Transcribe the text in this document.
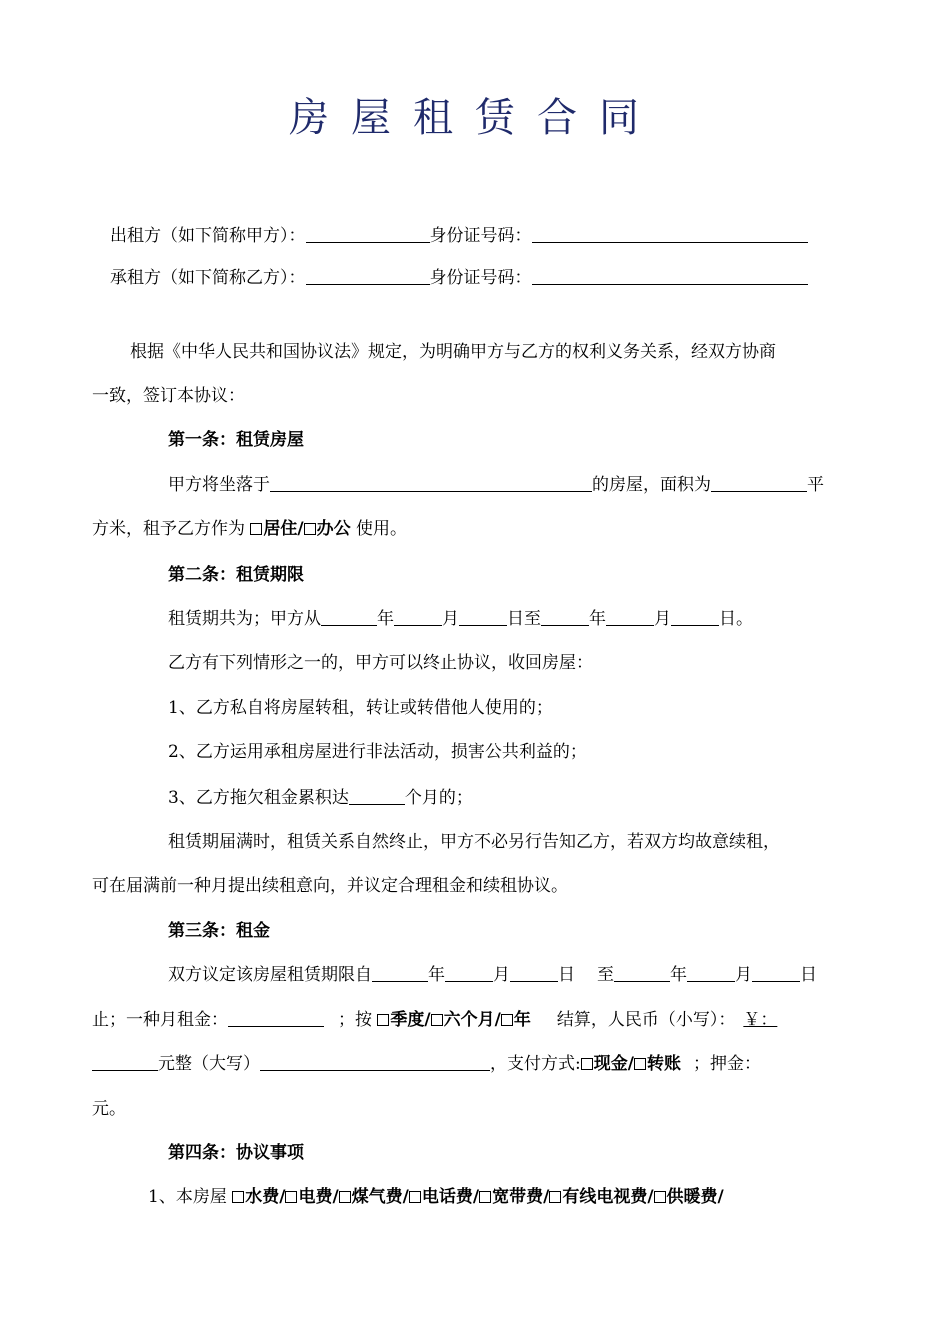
房屋租赁合同
出租方（如下简称甲方）：	身份证号码：
承租方（如下简称乙方）：	身份证号码：
根据《中华人民共和国协议法》规定，为明确甲方与乙方的权利义务关系，经双方协商
一致，签订本协议：
第一条：租赁房屋
甲方将坐落于	的房屋，面积为	平
方米，租予乙方作为 居住/ 办公 使用。
第二条：租赁期限
租赁期共为；甲方从	年	月	日至	年	月	日。
乙方有下列情形之一的，甲方可以终止协议，收回房屋：
1、乙方私自将房屋转租，转让或转借他人使用的；
2、乙方运用承租房屋进行非法活动，损害公共利益的；
3、乙方拖欠租金累积达	个月的；
租赁期届满时，租赁关系自然终止，甲方不必另行告知乙方，若双方均故意续租，
可在届满前一种月提出续租意向，并议定合理租金和续租协议。
第三条：租金
双方议定该房屋租赁期限自	年	月	日 至	年	月	日
止；一种月租金：	；按 季度/ 六个月/ 年 结算，人民币（小写）： ￥：
元整（大写）	，支付方式: 现金/ 转账 ；押金：
元。
第四条：协议事项
1、本房屋 水费/ 电费/ 煤气费/ 电话费/ 宽带费/ 有线电视费/ 供暖费/
